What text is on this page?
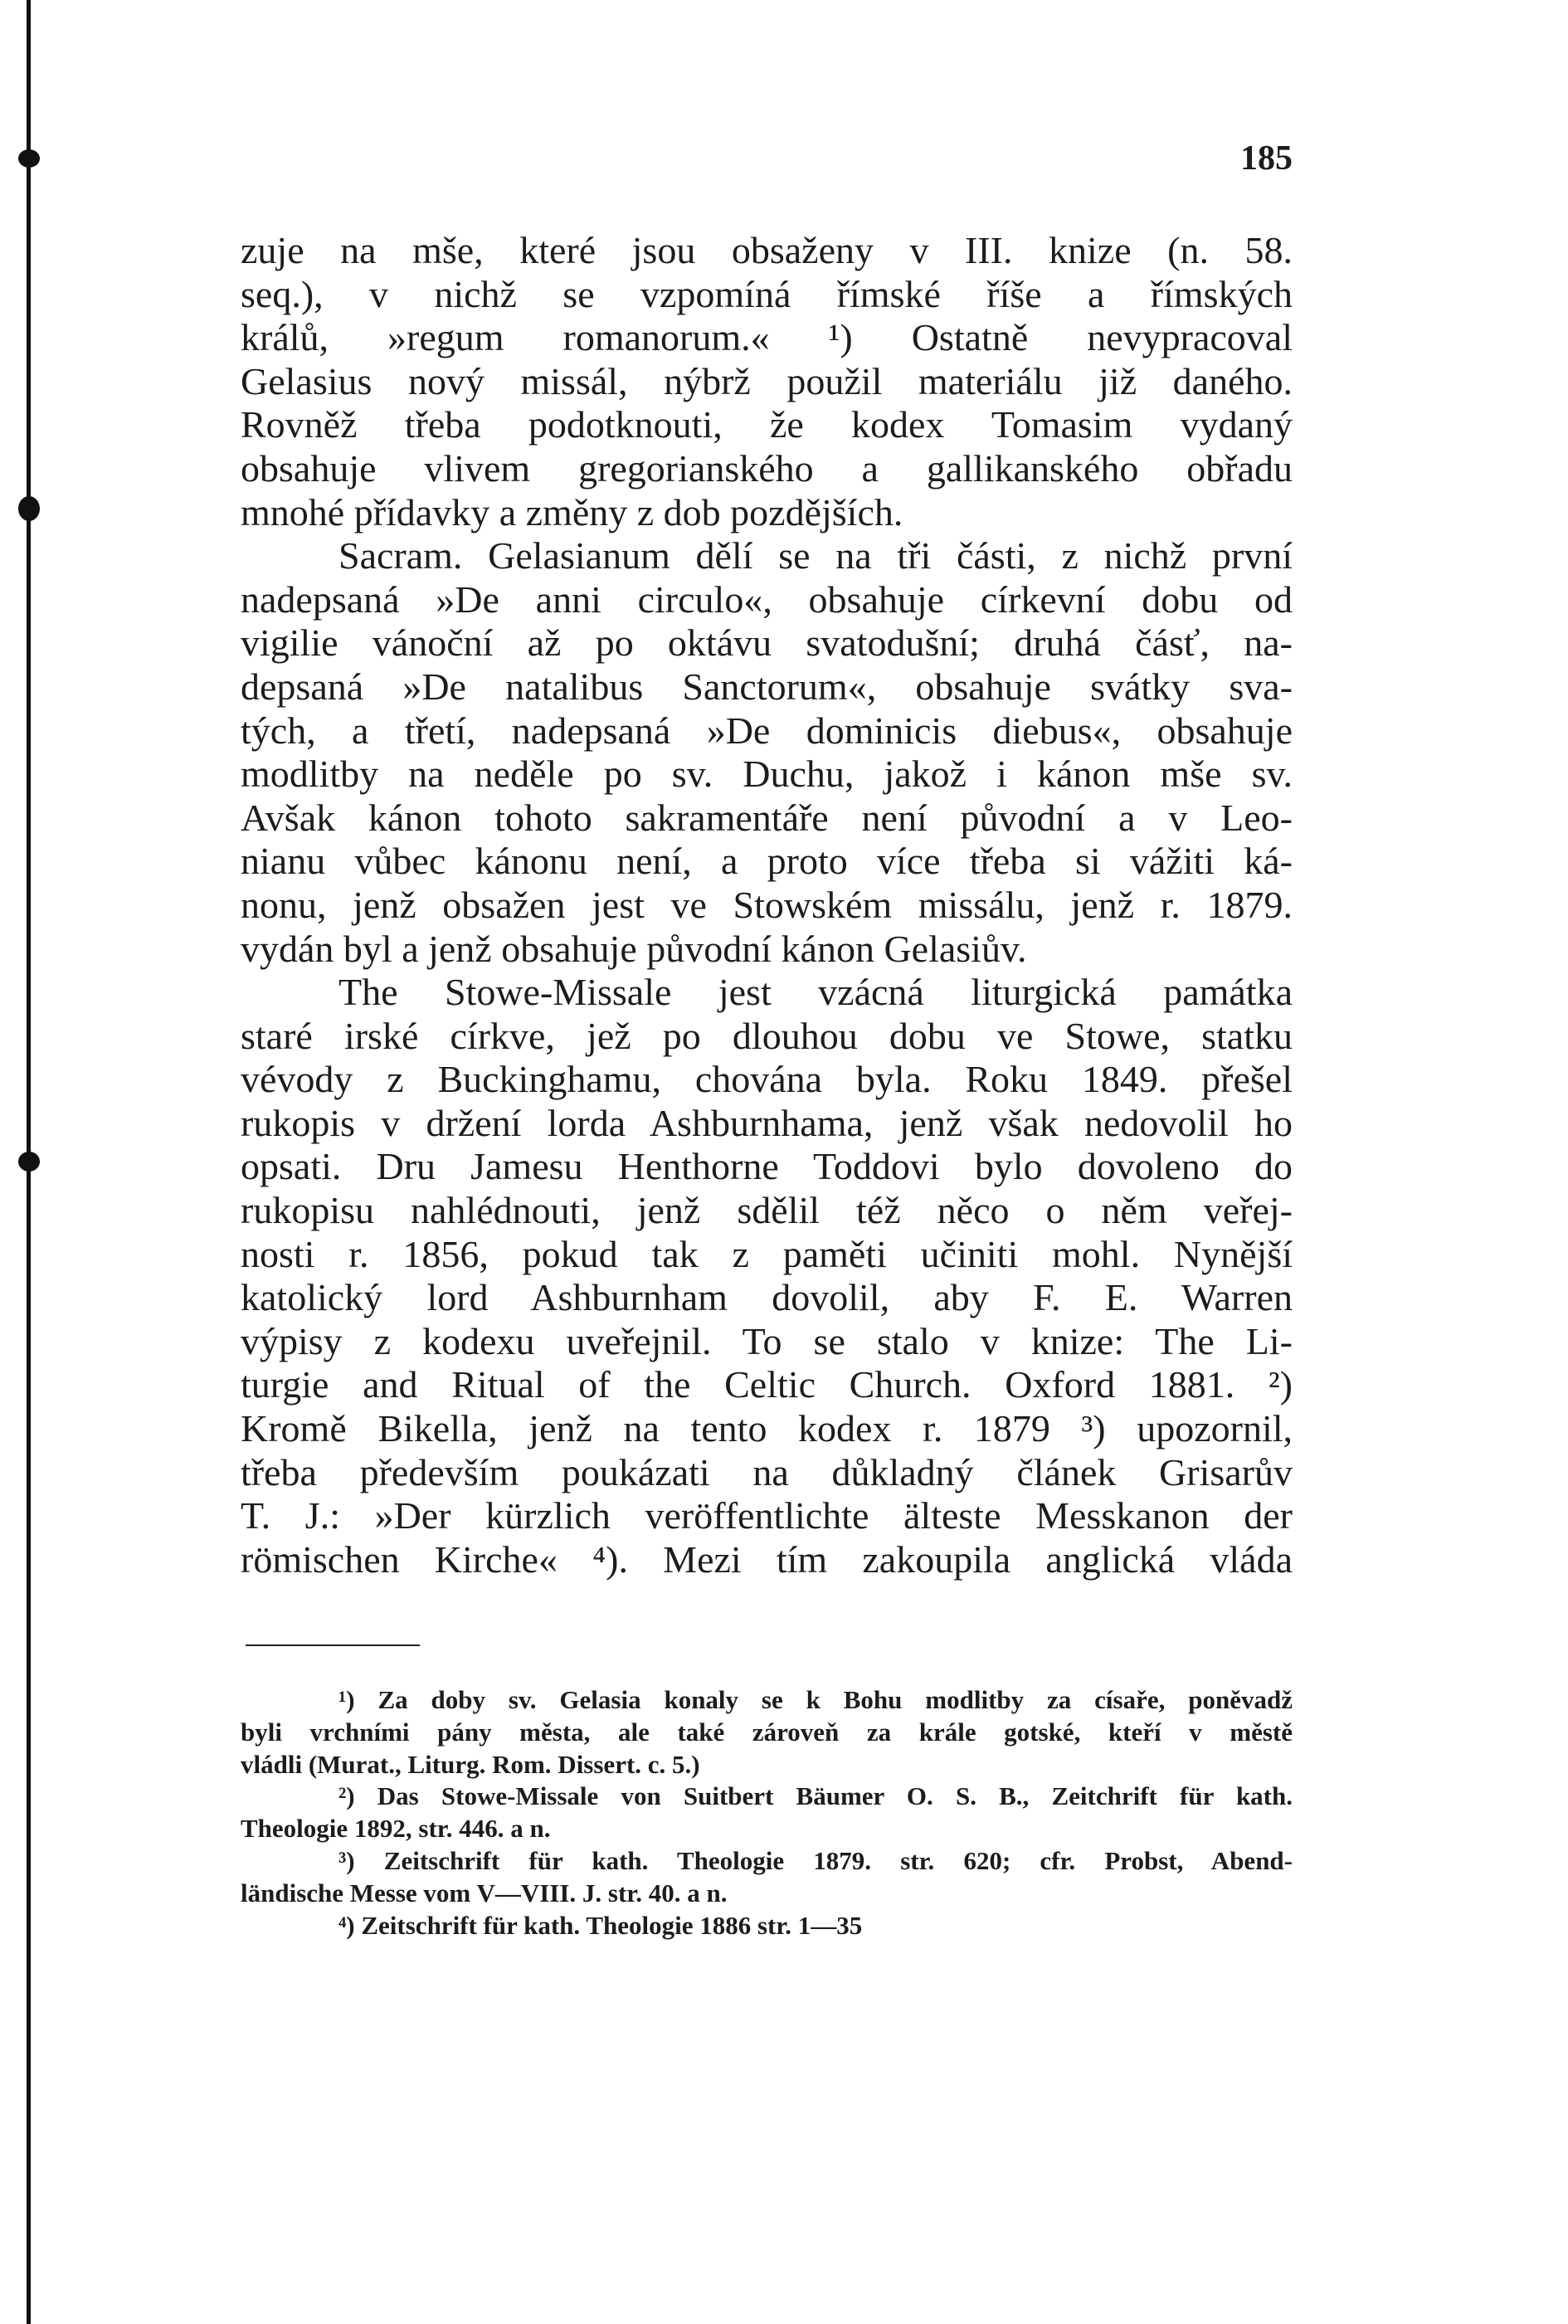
185

zuje na mše, které jsou obsaženy v III. knize (n. 58.
seq.), v nichž se vzpomíná římské říše a římských
králů, »regum romanorum.« ¹) Ostatně nevypracoval
Gelasius nový missál, nýbrž použil materiálu již daného.
Rovněž třeba podotknouti, že kodex Tomasim vydaný
obsahuje vlivem gregorianského a gallikanského obřadu
mnohé přídavky a změny z dob pozdějších.

Sacram. Gelasianum dělí se na tři části, z nichž první
nadepsaná »De anni circulo«, obsahuje církevní dobu od
vigilie vánoční až po oktávu svatodušní; druhá čásť, na-
depsaná »De natalibus Sanctorum«, obsahuje svátky sva-
tých, a třetí, nadepsaná »De dominicis diebus«, obsahuje
modlitby na neděle po sv. Duchu, jakož i kánon mše sv.
Avšak kánon tohoto sakramentáře není původní a v Leo-
nianu vůbec kánonu není, a proto více třeba si vážiti ká-
nonu, jenž obsažen jest ve Stowském missálu, jenž r. 1879.
vydán byl a jenž obsahuje původní kánon Gelasiův.

The Stowe-Missale jest vzácná liturgická památka
staré irské církve, jež po dlouhou dobu ve Stowe, statku
vévody z Buckinghamu, chována byla. Roku 1849. přešel
rukopis v držení lorda Ashburnhama, jenž však nedovolil ho
opsati. Dru Jamesu Henthorne Toddovi bylo dovoleno do
rukopisu nahlédnouti, jenž sdělil též něco o něm veřej-
nosti r. 1856, pokud tak z paměti učiniti mohl. Nynější
katolický lord Ashburnham dovolil, aby F. E. Warren
výpisy z kodexu uveřejnil. To se stalo v knize: The Li-
turgie and Ritual of the Celtic Church. Oxford 1881. ²)
Kromě Bikella, jenž na tento kodex r. 1879 ³) upozornil,
třeba především poukázati na důkladný článek Grisarův
T. J.: »Der kürzlich veröffentlichte älteste Messkanon der
römischen Kirche« ⁴). Mezi tím zakoupila anglická vláda

¹) Za doby sv. Gelasia konaly se k Bohu modlitby za císaře, poněvadž
byli vrchními pány města, ale také zároveň za krále gotské, kteří v městě
vládli (Murat., Liturg. Rom. Dissert. c. 5.)
²) Das Stowe-Missale von Suitbert Bäumer O. S. B., Zeitchrift für kath.
Theologie 1892, str. 446. a n.
³) Zeitschrift für kath. Theologie 1879. str. 620; cfr. Probst, Abend-
ländische Messe vom V—VIII. J. str. 40. a n.
⁴) Zeitschrift für kath. Theologie 1886 str. 1—35
